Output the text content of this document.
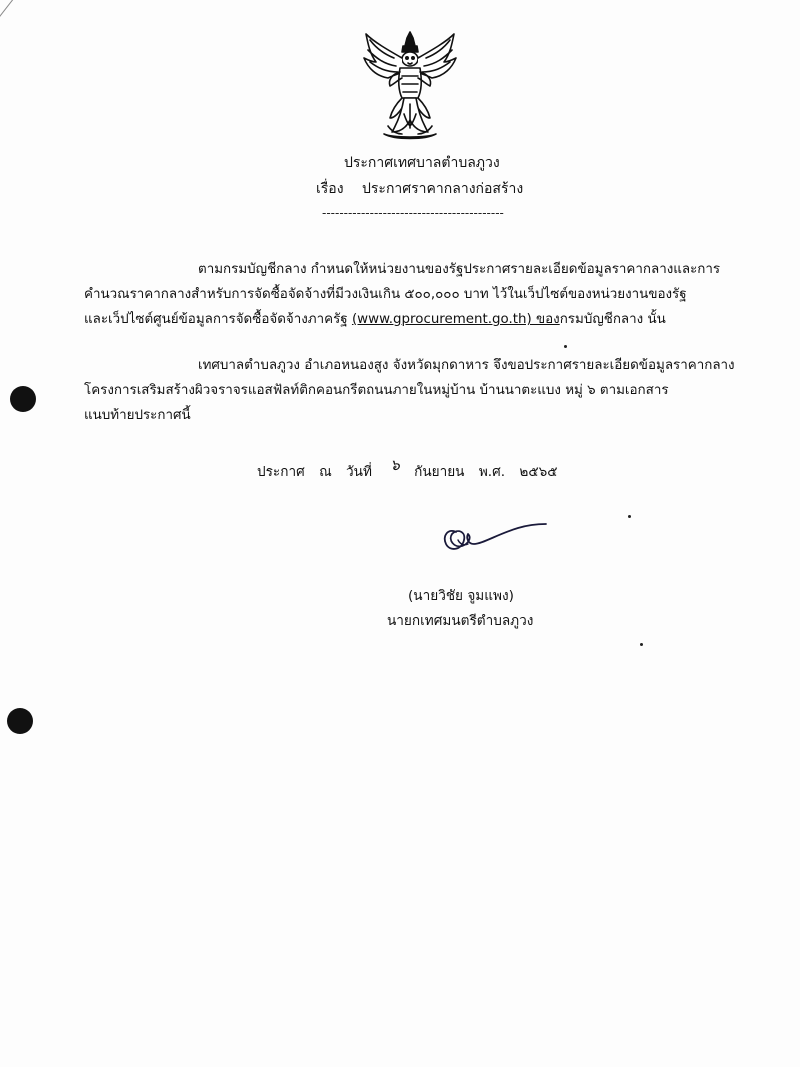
ประกาศเทศบาลตำบลภูวง
เรื่อง ประกาศราคากลางก่อสร้าง
------------------------------------------
ตามกรมบัญชีกลาง กำหนดให้หน่วยงานของรัฐประกาศรายละเอียดข้อมูลราคากลางและการ
คำนวณราคากลางสำหรับการจัดซื้อจัดจ้างที่มีวงเงินเกิน ๕๐๐,๐๐๐ บาท ไว้ในเว็ปไซต์ของหน่วยงานของรัฐ
และเว็ปไซต์ศูนย์ข้อมูลการจัดซื้อจัดจ้างภาครัฐ (www.gprocurement.go.th) ของกรมบัญชีกลาง นั้น
เทศบาลตำบลภูวง อำเภอหนองสูง จังหวัดมุกดาหาร จึงขอประกาศรายละเอียดข้อมูลราคากลาง
โครงการเสริมสร้างผิวจราจรแอสฟัลท์ติกคอนกรีตถนนภายในหมู่บ้าน บ้านนาตะแบง หมู่ ๖ ตามเอกสาร
แนบท้ายประกาศนี้
ประกาศ ณ วันที่ ๖ กันยายน พ.ศ. ๒๕๖๕
(นายวิชัย จูมแพง)
นายกเทศมนตรีตำบลภูวง
